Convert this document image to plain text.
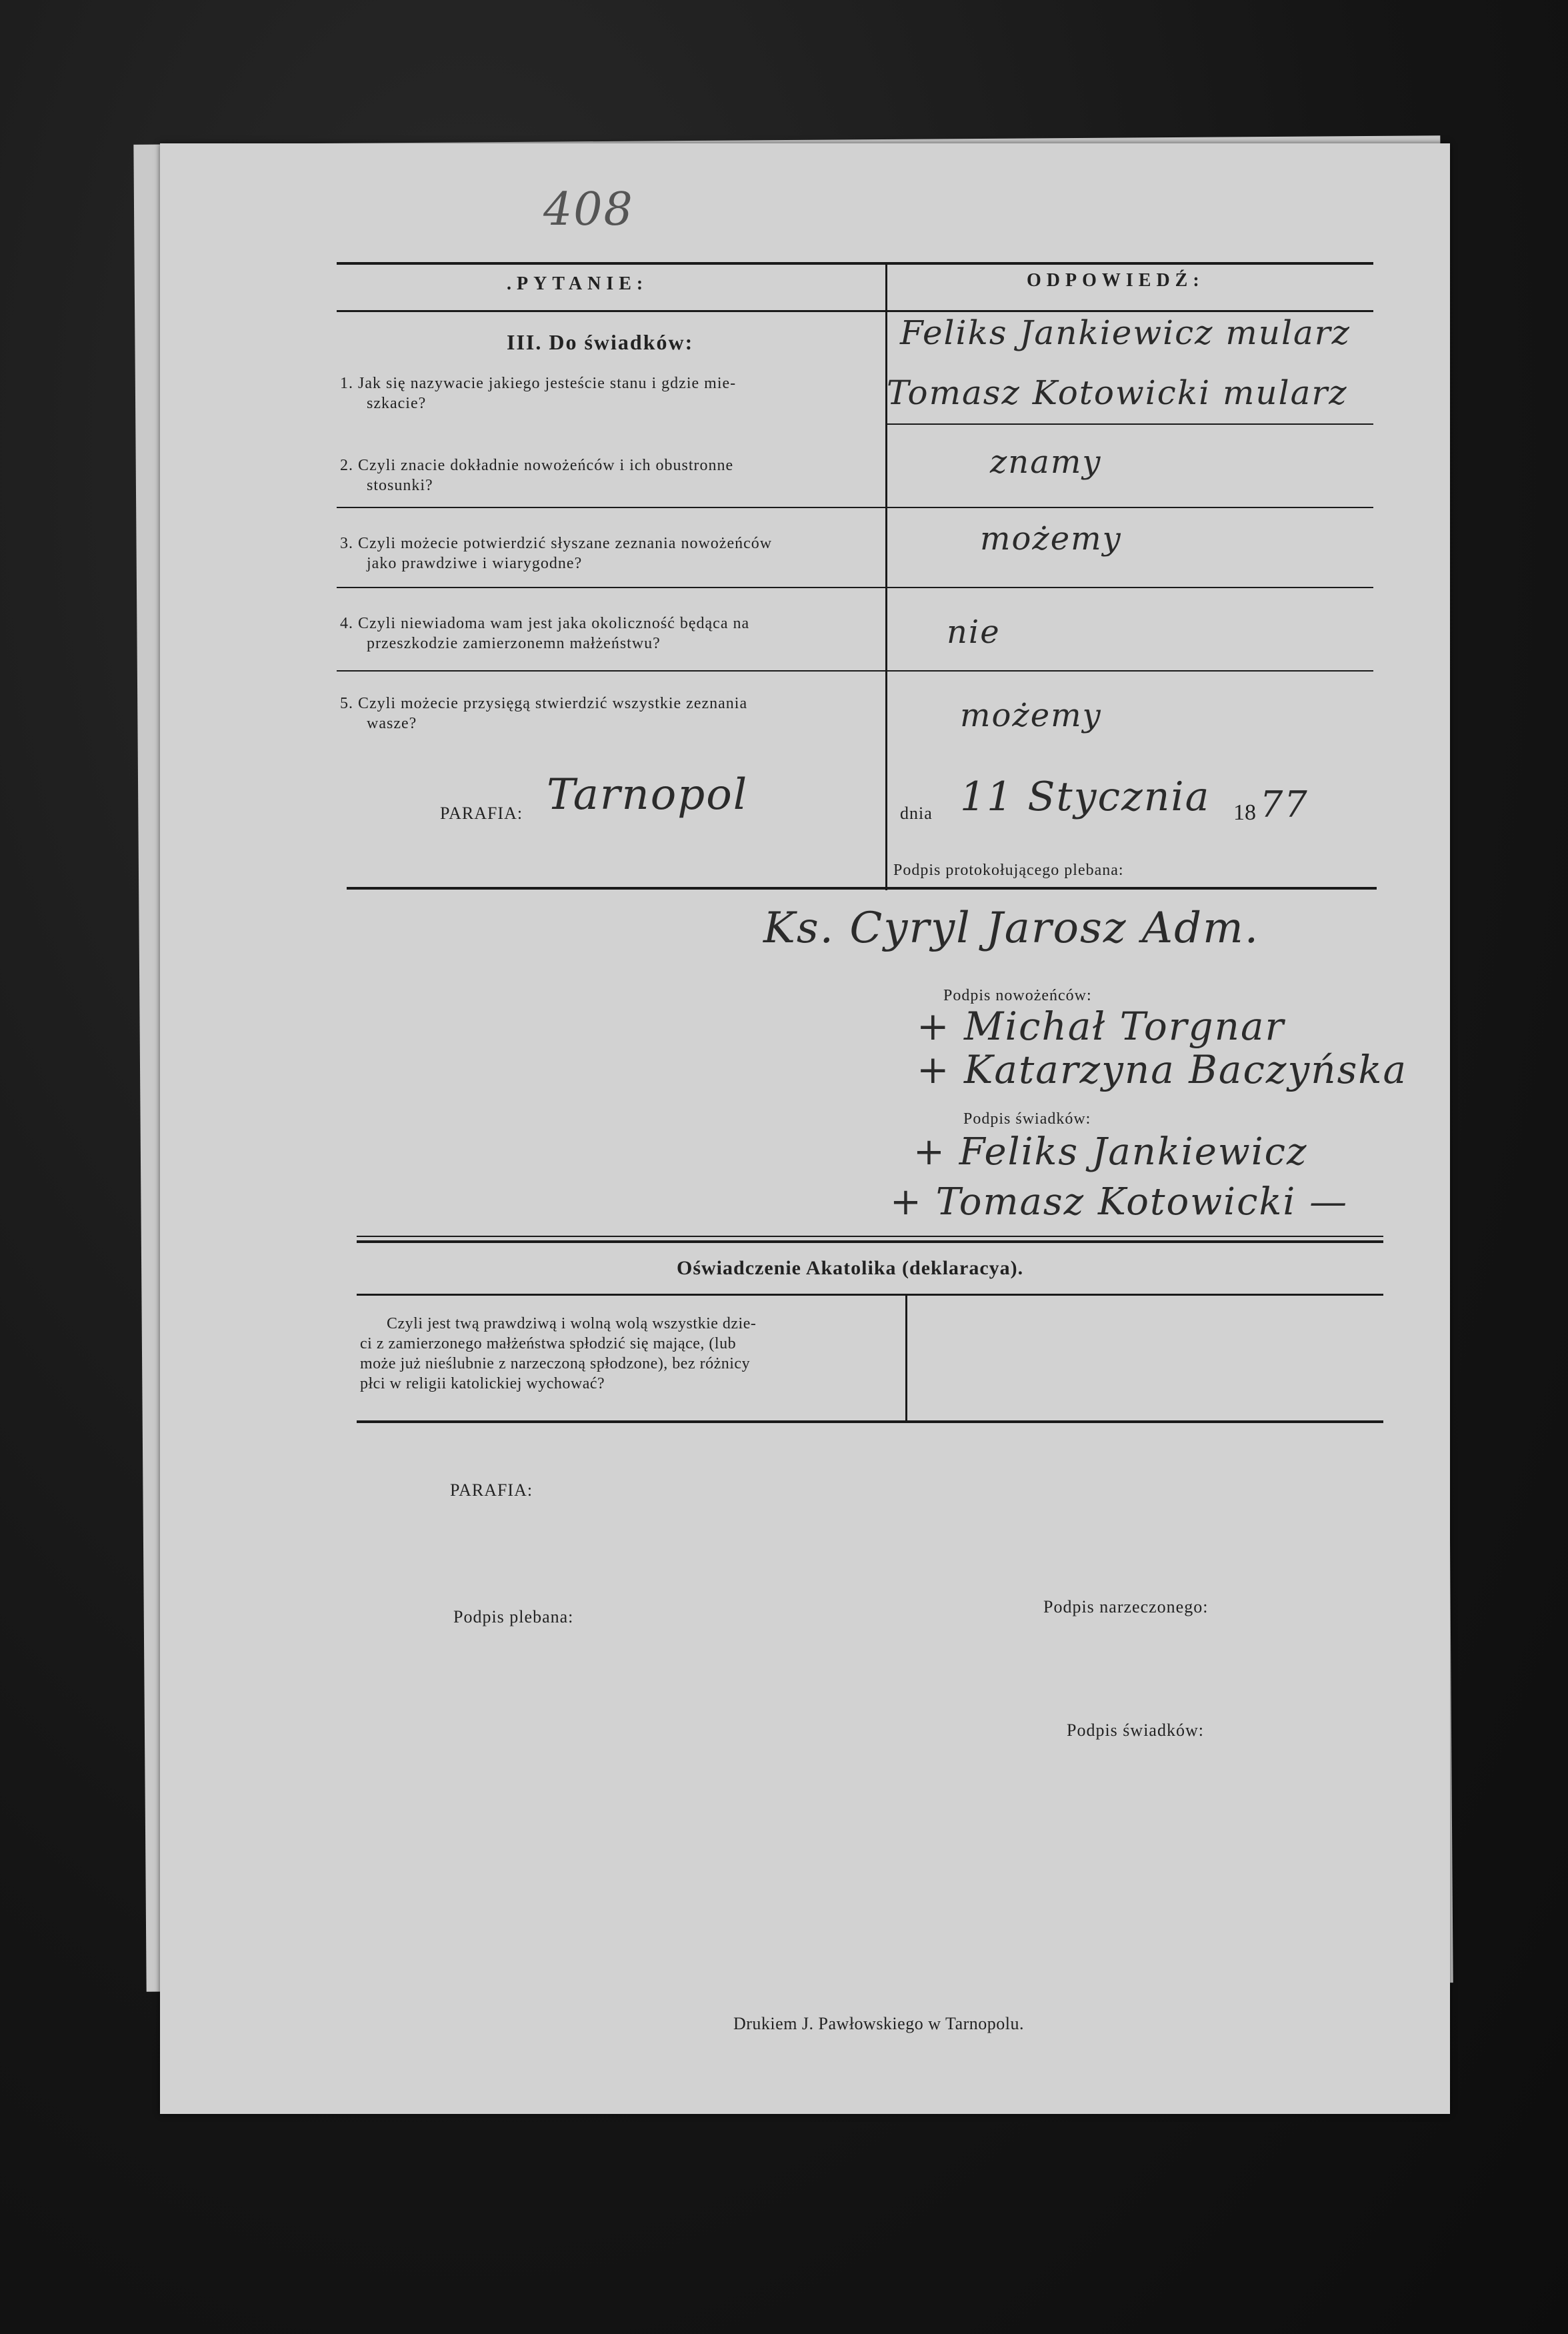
408
.PYTANIE:	ODPOWIEDŹ:
III. Do świadków:
1. Jak się nazywacie jakiego jesteście stanu i gdzie mie-
szkacie?
2. Czyli znacie dokładnie nowożeńców i ich obustronne
stosunki?
3. Czyli możecie potwierdzić słyszane zeznania nowożeńców
jako prawdziwe i wiarygodne?
4. Czyli niewiadoma wam jest jaka okoliczność będąca na
przeszkodzie zamierzonemn małżeństwu?
5. Czyli możecie przysięgą stwierdzić wszystkie zeznania
wasze?
Feliks Jankiewicz mularz
Tomasz Kotowicki mularz
znamy
możemy
nie
możemy
PARAFIA: Tarnopol	dnia 11 Stycznia 18 77
Podpis protokołującego plebana:
Ks. Cyryl Jarosz Adm.
Podpis nowożeńców:
+ Michał Torgnar
+ Katarzyna Baczyńska
Podpis świadków:
+ Feliks Jankiewicz
+ Tomasz Kotowicki —
Oświadczenie Akatolika (deklaracya).
Czyli jest twą prawdziwą i wolną wolą wszystkie dzie-
ci z zamierzonego małżeństwa spłodzić się mające, (lub
może już nieślubnie z narzeczoną spłodzone), bez różnicy
płci w religii katolickiej wychować?
PARAFIA:
Podpis plebana:
Podpis narzeczonego:
Podpis świadków:
Drukiem J. Pawłowskiego w Tarnopolu.
